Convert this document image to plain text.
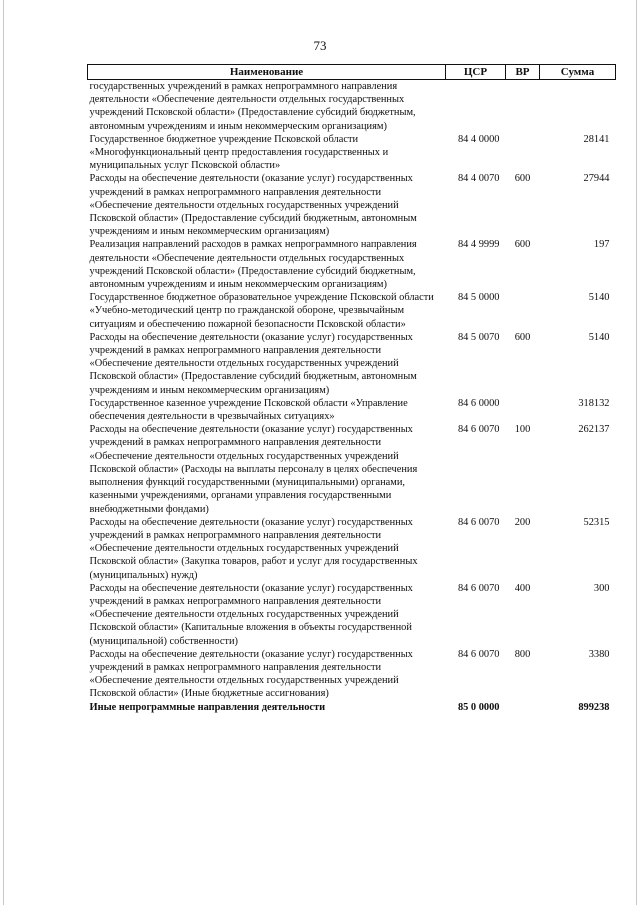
73
Наименование	ЦСР	ВР	Сумма
государственных учреждений в рамках непрограммного направления деятельности «Обеспечение деятельности отдельных государственных учреждений Псковской области» (Предоставление субсидий бюджетным, автономным учреждениям и иным некоммерческим организациям)			
Государственное бюджетное учреждение Псковской области «Многофункциональный центр предоставления государственных и муниципальных услуг Псковской области»	84 4 0000		28141
Расходы на обеспечение деятельности (оказание услуг) государственных учреждений в рамках непрограммного направления деятельности «Обеспечение деятельности отдельных государственных учреждений Псковской области» (Предоставление субсидий бюджетным, автономным учреждениям и иным некоммерческим организациям)	84 4 0070	600	27944
Реализация направлений расходов в рамках непрограммного направления деятельности «Обеспечение деятельности отдельных государственных учреждений Псковской области» (Предоставление субсидий бюджетным, автономным учреждениям и иным некоммерческим организациям)	84 4 9999	600	197
Государственное бюджетное образовательное учреждение Псковской области «Учебно-методический центр по гражданской обороне, чрезвычайным ситуациям и обеспечению пожарной безопасности Псковской области»	84 5 0000		5140
Расходы на обеспечение деятельности (оказание услуг) государственных учреждений в рамках непрограммного направления деятельности «Обеспечение деятельности отдельных государственных учреждений Псковской области» (Предоставление субсидий бюджетным, автономным учреждениям и иным некоммерческим организациям)	84 5 0070	600	5140
Государственное казенное учреждение Псковской области «Управление обеспечения деятельности в чрезвычайных ситуациях»	84 6 0000		318132
Расходы на обеспечение деятельности (оказание услуг) государственных учреждений в рамках непрограммного направления деятельности «Обеспечение деятельности отдельных государственных учреждений Псковской области» (Расходы на выплаты персоналу в целях обеспечения выполнения функций государственными (муниципальными) органами, казенными учреждениями, органами управления государственными внебюджетными фондами)	84 6 0070	100	262137
Расходы на обеспечение деятельности (оказание услуг) государственных учреждений в рамках непрограммного направления деятельности «Обеспечение деятельности отдельных государственных учреждений Псковской области» (Закупка товаров, работ и услуг для государственных (муниципальных) нужд)	84 6 0070	200	52315
Расходы на обеспечение деятельности (оказание услуг) государственных учреждений в рамках непрограммного направления деятельности «Обеспечение деятельности отдельных государственных учреждений Псковской области» (Капитальные вложения в объекты государственной (муниципальной) собственности)	84 6 0070	400	300
Расходы на обеспечение деятельности (оказание услуг) государственных учреждений в рамках непрограммного направления деятельности «Обеспечение деятельности отдельных государственных учреждений Псковской области» (Иные бюджетные ассигнования)	84 6 0070	800	3380
Иные непрограммные направления деятельности	85 0 0000		899238
